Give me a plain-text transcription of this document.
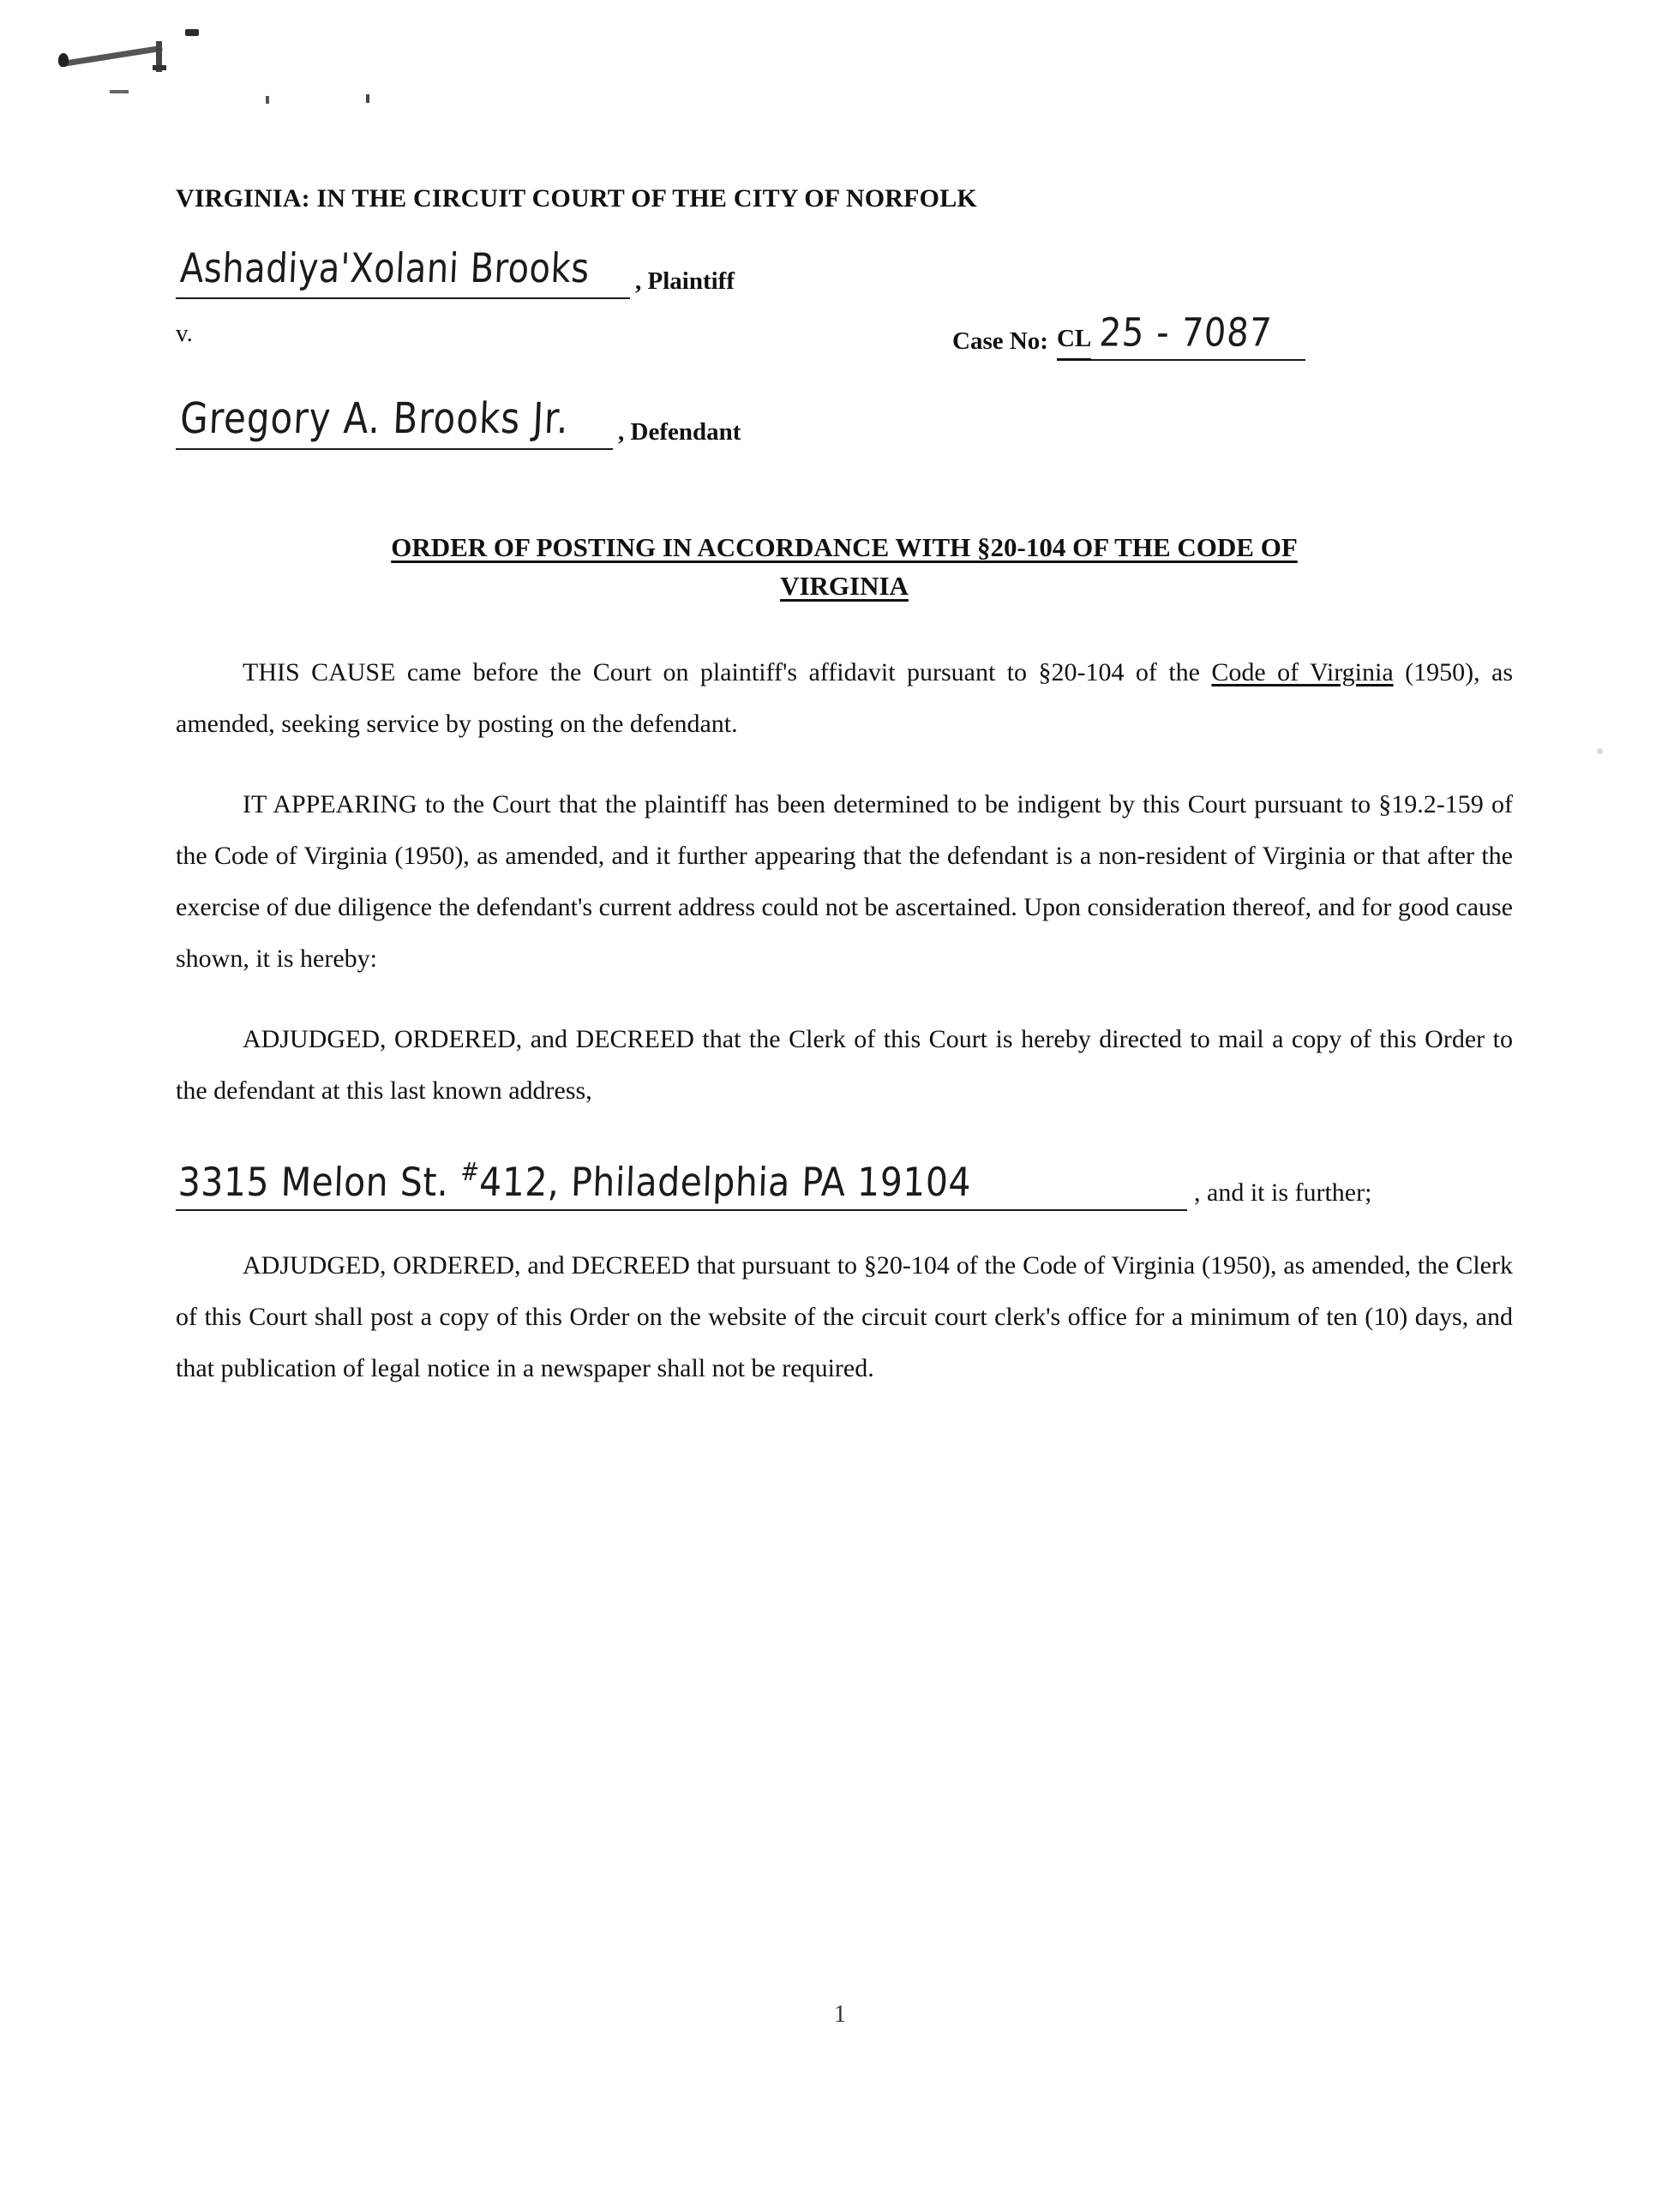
VIRGINIA: IN THE CIRCUIT COURT OF THE CITY OF NORFOLK
Ashadiya'Xolani Brooks , Plaintiff
v.	Case No: CL 25 - 7087
Gregory A. Brooks Jr. , Defendant
ORDER OF POSTING IN ACCORDANCE WITH §20-104 OF THE CODE OF
VIRGINIA

THIS CAUSE came before the Court on plaintiff's affidavit pursuant to §20-104 of the Code of Virginia (1950), as amended, seeking service by posting on the defendant.

IT APPEARING to the Court that the plaintiff has been determined to be indigent by this Court pursuant to §19.2-159 of the Code of Virginia (1950), as amended, and it further appearing that the defendant is a non-resident of Virginia or that after the exercise of due diligence the defendant's current address could not be ascertained. Upon consideration thereof, and for good cause shown, it is hereby:

ADJUDGED, ORDERED, and DECREED that the Clerk of this Court is hereby directed to mail a copy of this Order to the defendant at this last known address,

3315 Melon St. #412, Philadelphia PA 19104	, and it is further;

ADJUDGED, ORDERED, and DECREED that pursuant to §20-104 of the Code of Virginia (1950), as amended, the Clerk of this Court shall post a copy of this Order on the website of the circuit court clerk's office for a minimum of ten (10) days, and that publication of legal notice in a newspaper shall not be required.

1
